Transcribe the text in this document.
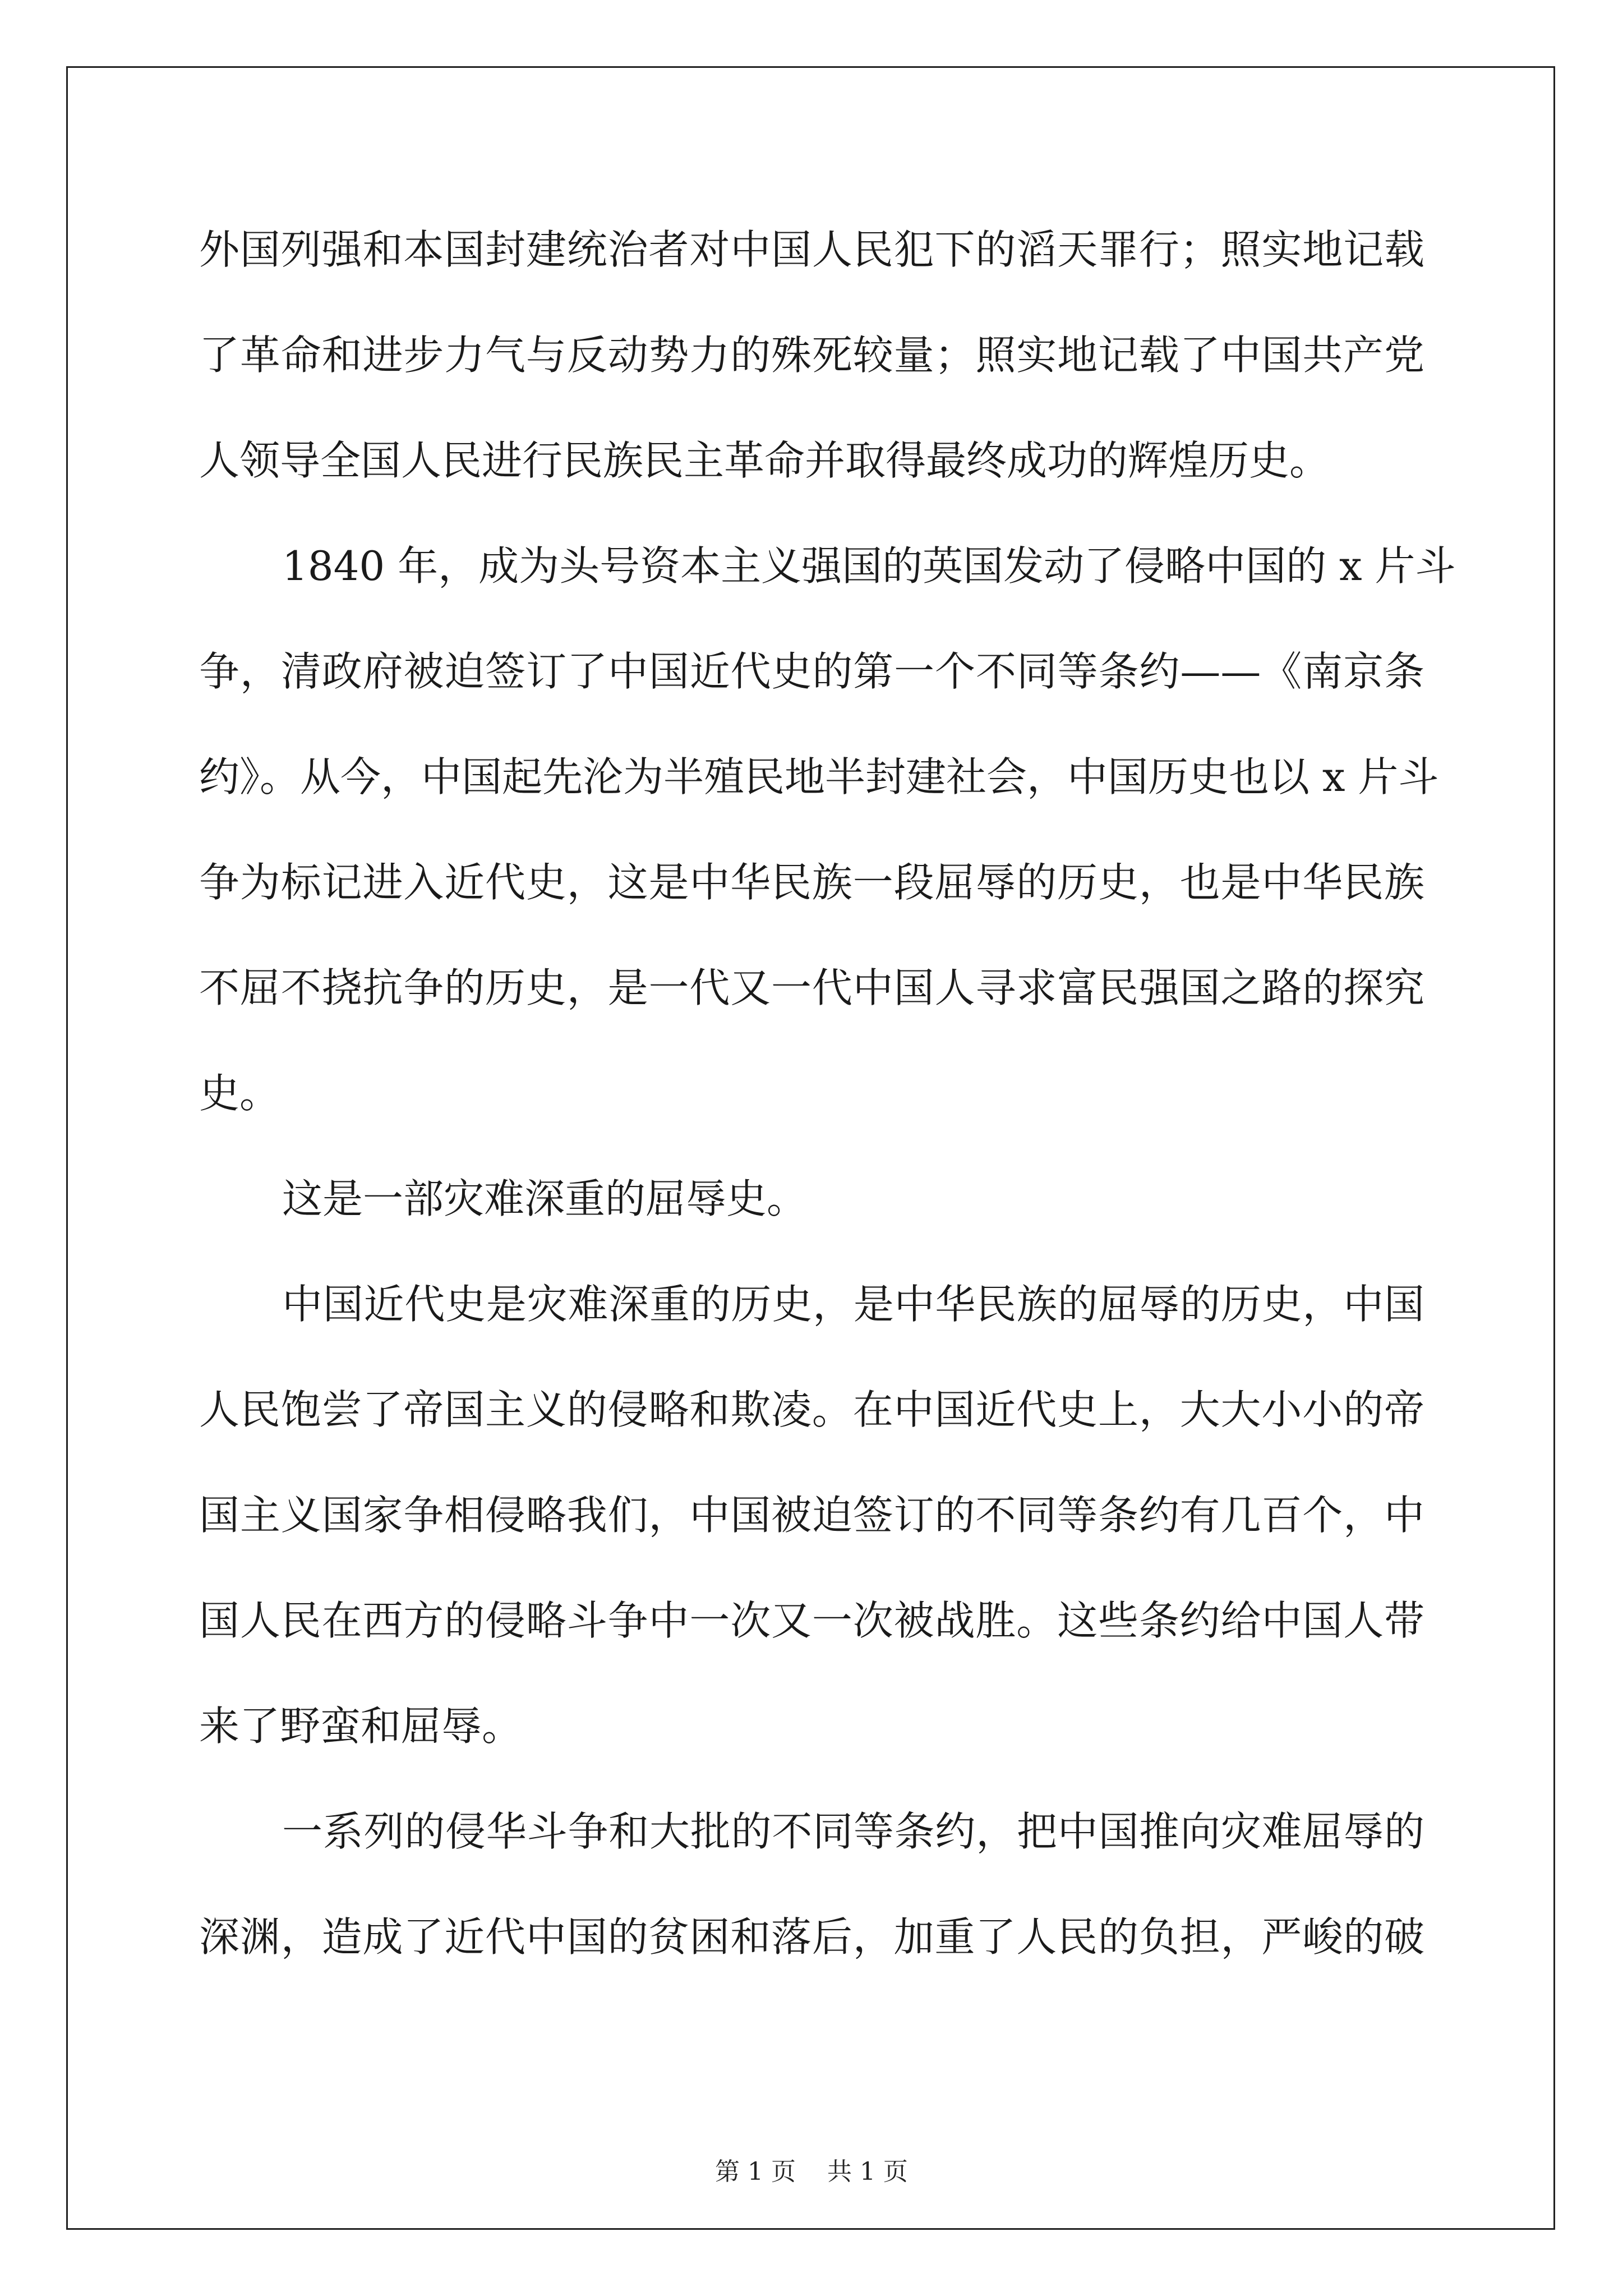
外国列强和本国封建统治者对中国人民犯下的滔天罪行；照实地记载
了革命和进步力气与反动势力的殊死较量；照实地记载了中国共产党
人领导全国人民进行民族民主革命并取得最终成功的辉煌历史。
1840 年，成为头号资本主义强国的英国发动了侵略中国的 x 片斗
争，清政府被迫签订了中国近代史的第一个不同等条约——《南京条
约》。从今，中国起先沦为半殖民地半封建社会，中国历史也以 x 片斗
争为标记进入近代史，这是中华民族一段屈辱的历史，也是中华民族
不屈不挠抗争的历史，是一代又一代中国人寻求富民强国之路的探究
史。
这是一部灾难深重的屈辱史。
中国近代史是灾难深重的历史，是中华民族的屈辱的历史，中国
人民饱尝了帝国主义的侵略和欺凌。在中国近代史上，大大小小的帝
国主义国家争相侵略我们，中国被迫签订的不同等条约有几百个，中
国人民在西方的侵略斗争中一次又一次被战胜。这些条约给中国人带
来了野蛮和屈辱。
一系列的侵华斗争和大批的不同等条约，把中国推向灾难屈辱的
深渊，造成了近代中国的贫困和落后，加重了人民的负担，严峻的破
第 1 页    共 1 页
